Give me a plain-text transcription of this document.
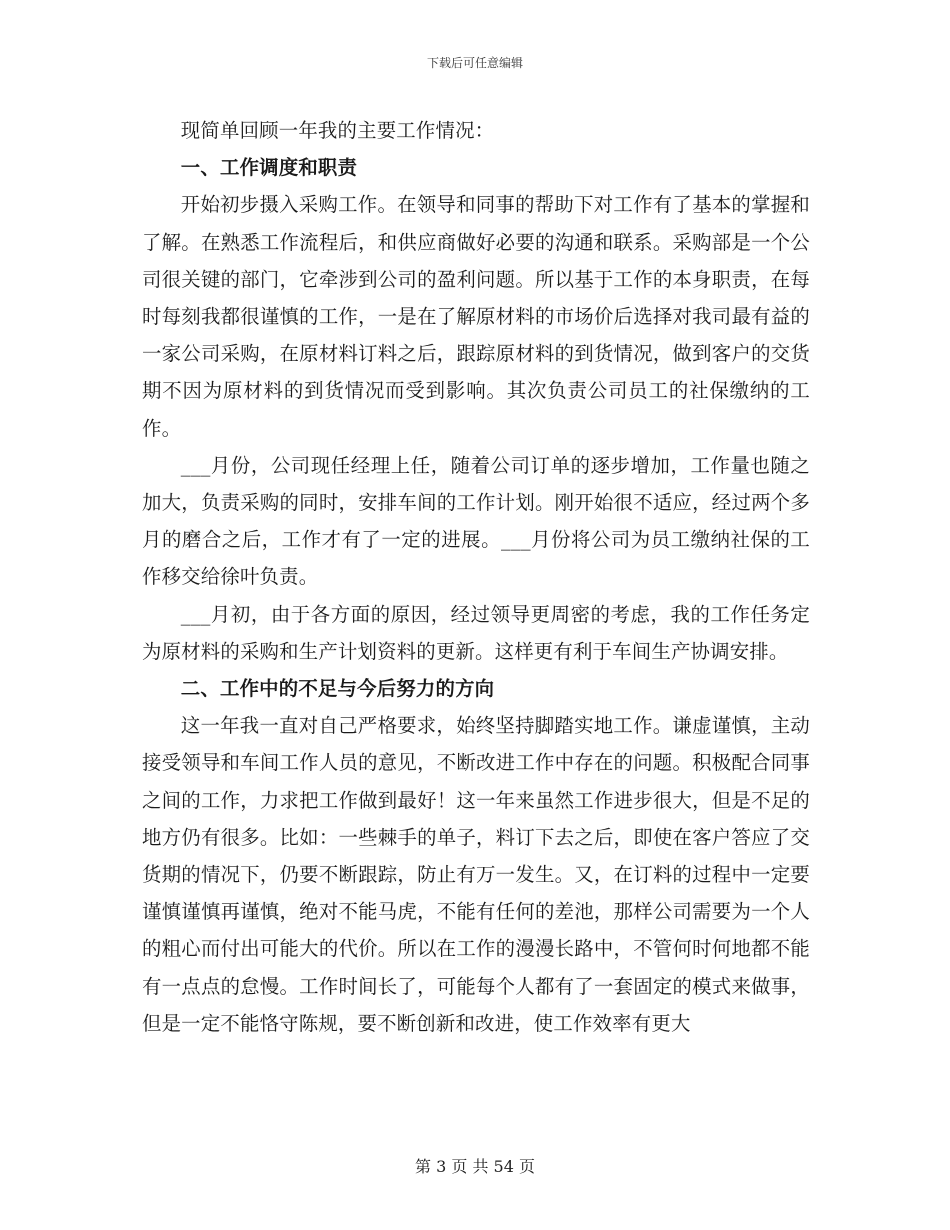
下载后可任意编辑

现简单回顾一年我的主要工作情况：

一、工作调度和职责

开始初步摄入采购工作。在领导和同事的帮助下对工作有了基本的掌握和了解。在熟悉工作流程后，和供应商做好必要的沟通和联系。采购部是一个公司很关键的部门，它牵涉到公司的盈利问题。所以基于工作的本身职责，在每时每刻我都很谨慎的工作，一是在了解原材料的市场价后选择对我司最有益的一家公司采购，在原材料订料之后，跟踪原材料的到货情况，做到客户的交货期不因为原材料的到货情况而受到影响。其次负责公司员工的社保缴纳的工作。

___月份，公司现任经理上任，随着公司订单的逐步增加，工作量也随之加大，负责采购的同时，安排车间的工作计划。刚开始很不适应，经过两个多月的磨合之后，工作才有了一定的进展。___月份将公司为员工缴纳社保的工作移交给徐叶负责。

___月初，由于各方面的原因，经过领导更周密的考虑，我的工作任务定为原材料的采购和生产计划资料的更新。这样更有利于车间生产协调安排。

二、工作中的不足与今后努力的方向

这一年我一直对自己严格要求，始终坚持脚踏实地工作。谦虚谨慎，主动接受领导和车间工作人员的意见，不断改进工作中存在的问题。积极配合同事之间的工作，力求把工作做到最好！这一年来虽然工作进步很大，但是不足的地方仍有很多。比如：一些棘手的单子，料订下去之后，即使在客户答应了交货期的情况下，仍要不断跟踪，防止有万一发生。又，在订料的过程中一定要谨慎谨慎再谨慎，绝对不能马虎，不能有任何的差池，那样公司需要为一个人的粗心而付出可能大的代价。所以在工作的漫漫长路中，不管何时何地都不能有一点点的怠慢。工作时间长了，可能每个人都有了一套固定的模式来做事，但是一定不能恪守陈规，要不断创新和改进，使工作效率有更大

第 3 页 共 54 页
